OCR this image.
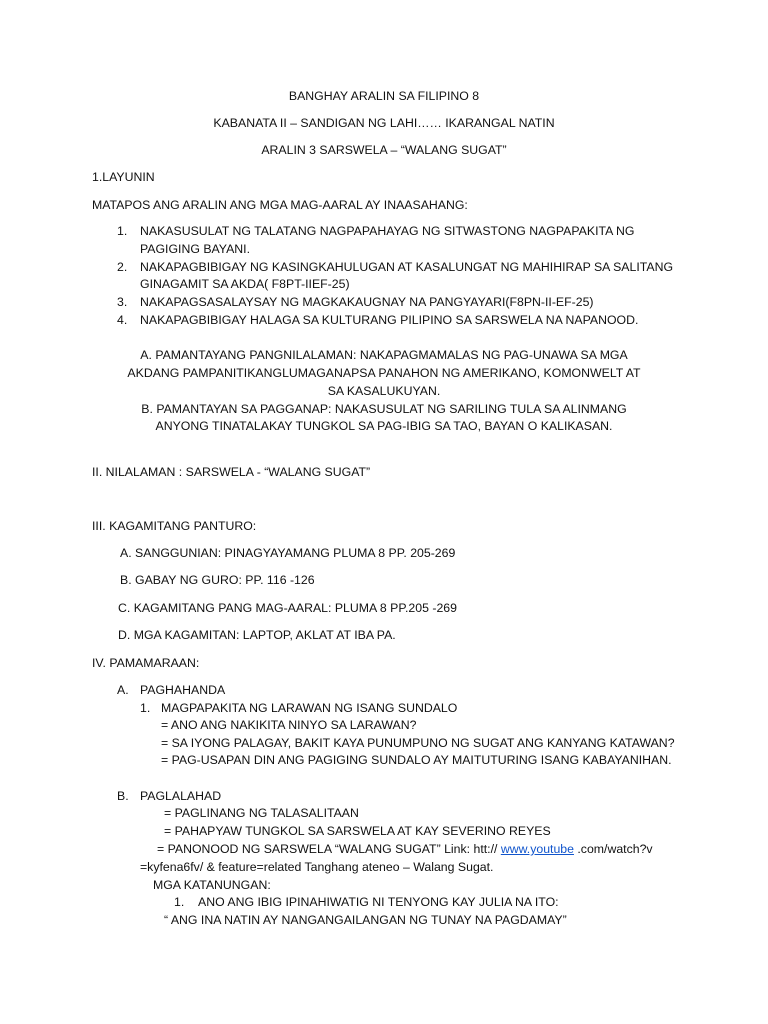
BANGHAY ARALIN SA FILIPINO 8
KABANATA II – SANDIGAN NG LAHI…… IKARANGAL NATIN
ARALIN 3 SARSWELA – “WALANG SUGAT”
1.LAYUNIN
MATAPOS ANG ARALIN ANG MGA MAG-AARAL AY INAASAHANG:
1. NAKASUSULAT NG TALATANG NAGPAPAHAYAG NG SITWASTONG NAGPAPAKITA NG
PAGIGING BAYANI.
2. NAKAPAGBIBIGAY NG KASINGKAHULUGAN AT KASALUNGAT NG MAHIHIRAP SA SALITANG
GINAGAMIT SA AKDA( F8PT-IIEF-25)
3. NAKAPAGSASALAYSAY NG MAGKAKAUGNAY NA PANGYAYARI(F8PN-II-EF-25)
4. NAKAPAGBIBIGAY HALAGA SA KULTURANG PILIPINO SA SARSWELA NA NAPANOOD.
A. PAMANTAYANG PANGNILALAMAN: NAKAPAGMAMALAS NG PAG-UNAWA SA MGA
AKDANG PAMPANITIKANGLUMAGANAPSA PANAHON NG AMERIKANO, KOMONWELT AT
SA KASALUKUYAN.
B. PAMANTAYAN SA PAGGANAP: NAKASUSULAT NG SARILING TULA SA ALINMANG
ANYONG TINATALAKAY TUNGKOL SA PAG-IBIG SA TAO, BAYAN O KALIKASAN.
II. NILALAMAN : SARSWELA - “WALANG SUGAT”
III. KAGAMITANG PANTURO:
A. SANGGUNIAN: PINAGYAYAMANG PLUMA 8 PP. 205-269
B. GABAY NG GURO: PP. 116 -126
C. KAGAMITANG PANG MAG-AARAL: PLUMA 8 PP.205 -269
D. MGA KAGAMITAN: LAPTOP, AKLAT AT IBA PA.
IV. PAMAMARAAN:
A. PAGHAHANDA
1. MAGPAPAKITA NG LARAWAN NG ISANG SUNDALO
= ANO ANG NAKIKITA NINYO SA LARAWAN?
= SA IYONG PALAGAY, BAKIT KAYA PUNUMPUNO NG SUGAT ANG KANYANG KATAWAN?
= PAG-USAPAN DIN ANG PAGIGING SUNDALO AY MAITUTURING ISANG KABAYANIHAN.
B. PAGLALAHAD
= PAGLINANG NG TALASALITAAN
= PAHAPYAW TUNGKOL SA SARSWELA AT KAY SEVERINO REYES
= PANONOOD NG SARSWELA “WALANG SUGAT” Link: htt:// www.youtube .com/watch?v
=kyfena6fv/ & feature=related Tanghang ateneo – Walang Sugat.
MGA KATANUNGAN:
1. ANO ANG IBIG IPINAHIWATIG NI TENYONG KAY JULIA NA ITO:
“ ANG INA NATIN AY NANGANGAILANGAN NG TUNAY NA PAGDAMAY”
